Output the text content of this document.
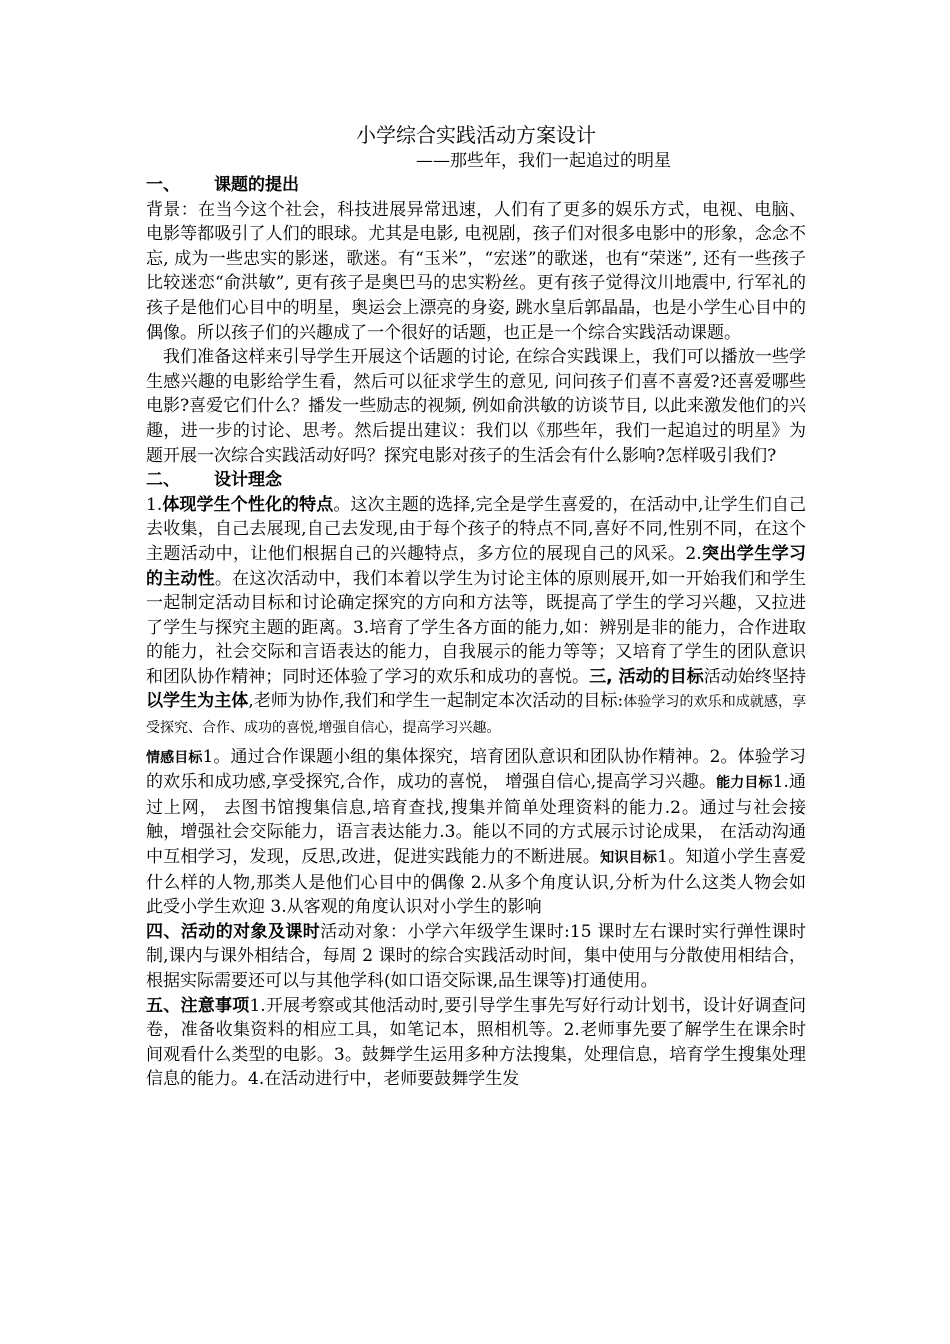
小学综合实践活动方案设计
——那些年，我们一起追过的明星

一、 课题的提出

背景：在当今这个社会，科技进展异常迅速，人们有了更多的娱乐方式，电视、电脑、电影等都吸引了人们的眼球。尤其是电影, 电视剧，孩子们对很多电影中的形象，念念不忘, 成为一些忠实的影迷，歌迷。有“玉米”，“宏迷”的歌迷，也有“荣迷”, 还有一些孩子比较迷恋“俞洪敏”, 更有孩子是奥巴马的忠实粉丝。更有孩子觉得汶川地震中, 行军礼的孩子是他们心目中的明星，奥运会上漂亮的身姿, 跳水皇后郭晶晶，也是小学生心目中的偶像。所以孩子们的兴趣成了一个很好的话题，也正是一个综合实践活动课题。

我们准备这样来引导学生开展这个话题的讨论, 在综合实践课上，我们可以播放一些学生感兴趣的电影给学生看，然后可以征求学生的意见, 问问孩子们喜不喜爱?还喜爱哪些电影?喜爱它们什么？播发一些励志的视频, 例如俞洪敏的访谈节目, 以此来激发他们的兴趣，进一步的讨论、思考。然后提出建议：我们以《那些年，我们一起追过的明星》为题开展一次综合实践活动好吗？探究电影对孩子的生活会有什么影响?怎样吸引我们?

二、 设计理念

1.体现学生个性化的特点。这次主题的选择,完全是学生喜爱的，在活动中,让学生们自己去收集，自己去展现,自己去发现,由于每个孩子的特点不同,喜好不同,性别不同，在这个主题活动中，让他们根据自己的兴趣特点，多方位的展现自己的风采。2.突出学生学习的主动性。在这次活动中，我们本着以学生为讨论主体的原则展开,如一开始我们和学生一起制定活动目标和讨论确定探究的方向和方法等，既提高了学生的学习兴趣，又拉进了学生与探究主题的距离。3.培育了学生各方面的能力,如：辨别是非的能力，合作进取的能力，社会交际和言语表达的能力，自我展示的能力等等；又培育了学生的团队意识和团队协作精神；同时还体验了学习的欢乐和成功的喜悦。三, 活动的目标活动始终坚持以学生为主体,老师为协作,我们和学生一起制定本次活动的目标:体验学习的欢乐和成就感，享受探究、合作、成功的喜悦,增强自信心，提高学习兴趣。

情感目标1。通过合作课题小组的集体探究，培育团队意识和团队协作精神。2。体验学习的欢乐和成功感,享受探究,合作，成功的喜悦， 增强自信心,提高学习兴趣。能力目标1.通过上网， 去图书馆搜集信息,培育查找,搜集并简单处理资料的能力.2。通过与社会接触，增强社会交际能力，语言表达能力.3。能以不同的方式展示讨论成果， 在活动沟通中互相学习，发现，反思,改进，促进实践能力的不断进展。知识目标1。知道小学生喜爱什么样的人物,那类人是他们心目中的偶像 2.从多个角度认识,分析为什么这类人物会如此受小学生欢迎 3.从客观的角度认识对小学生的影响

四、活动的对象及课时活动对象：小学六年级学生课时:15 课时左右课时实行弹性课时制,课内与课外相结合，每周 2 课时的综合实践活动时间，集中使用与分散使用相结合，根据实际需要还可以与其他学科(如口语交际课,品生课等)打通使用。

五、注意事项1.开展考察或其他活动时,要引导学生事先写好行动计划书，设计好调查问卷，准备收集资料的相应工具，如笔记本，照相机等。2.老师事先要了解学生在课余时间观看什么类型的电影。3。鼓舞学生运用多种方法搜集，处理信息，培育学生搜集处理信息的能力。4.在活动进行中，老师要鼓舞学生发
